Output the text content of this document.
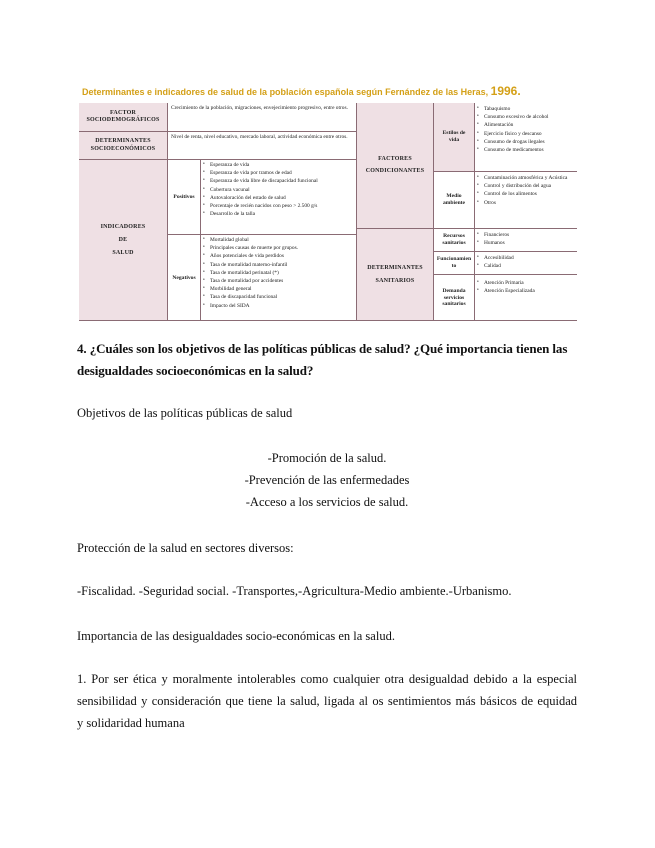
Determinantes e indicadores de salud de la población española según Fernández de las Heras, 1996.
FACTOR SOCIODEMOGRÁFICOS
Crecimiento de la población, migraciones, envejecimiento progresivo, entre otros.
DETERMINANTES SOCIOECONÓMICOS
Nivel de renta, nivel educativo, mercado laboral, actividad económica entre otros.
INDICADORES
DE
SALUD
Positivos
• Esperanza de vida
• Esperanza de vida por tramos de edad
• Esperanza de vida libre de discapacidad funcional
• Cobertura vacunal
• Autovaloración del estado de salud
• Porcentaje de recién nacidos con peso > 2.500 g/s
• Desarrollo de la talla
Negativos
• Mortalidad global
• Principales causas de muerte por grupos.
• Años potenciales de vida perdidos
• Tasa de mortalidad materno-infantil
• Tasa de mortalidad perinatal (*)
• Tasa de mortalidad por accidentes
• Morbilidad general
• Tasa de discapacidad funcional
• Impacto del SIDA
FACTORES
CONDICIONANTES
Estilos de vida
• Tabaquismo
• Consumo excesivo de alcohol
• Alimentación
• Ejercicio físico y descanso
• Consumo de drogas ilegales
• Consumo de medicamentos
Medio ambiente
• Contaminación atmosférica y Acústica
• Control y distribución del agua
• Control de los alimentos
• Otros
DETERMINANTES
SANITARIOS
Recursos sanitarios
• Financieros
• Humanos
Funcionamiento
• Accesibilidad
• Calidad
Demanda servicios sanitarios
• Atención Primaria
• Atención Especializada
4. ¿Cuáles son los objetivos de las políticas públicas de salud? ¿Qué importancia tienen las
desigualdades socioeconómicas en la salud?
Objetivos de las políticas públicas de salud
-Promoción de la salud.
-Prevención de las enfermedades
-Acceso a los servicios de salud.
Protección de la salud en sectores diversos:
-Fiscalidad. -Seguridad social. -Transportes,-Agricultura-Medio ambiente.-Urbanismo.
Importancia de las desigualdades socio-económicas en la salud.
1. Por ser ética y moralmente intolerables como cualquier otra desigualdad debido a la especial
sensibilidad y consideración que tiene la salud, ligada al os sentimientos más básicos de equidad
y solidaridad humana
